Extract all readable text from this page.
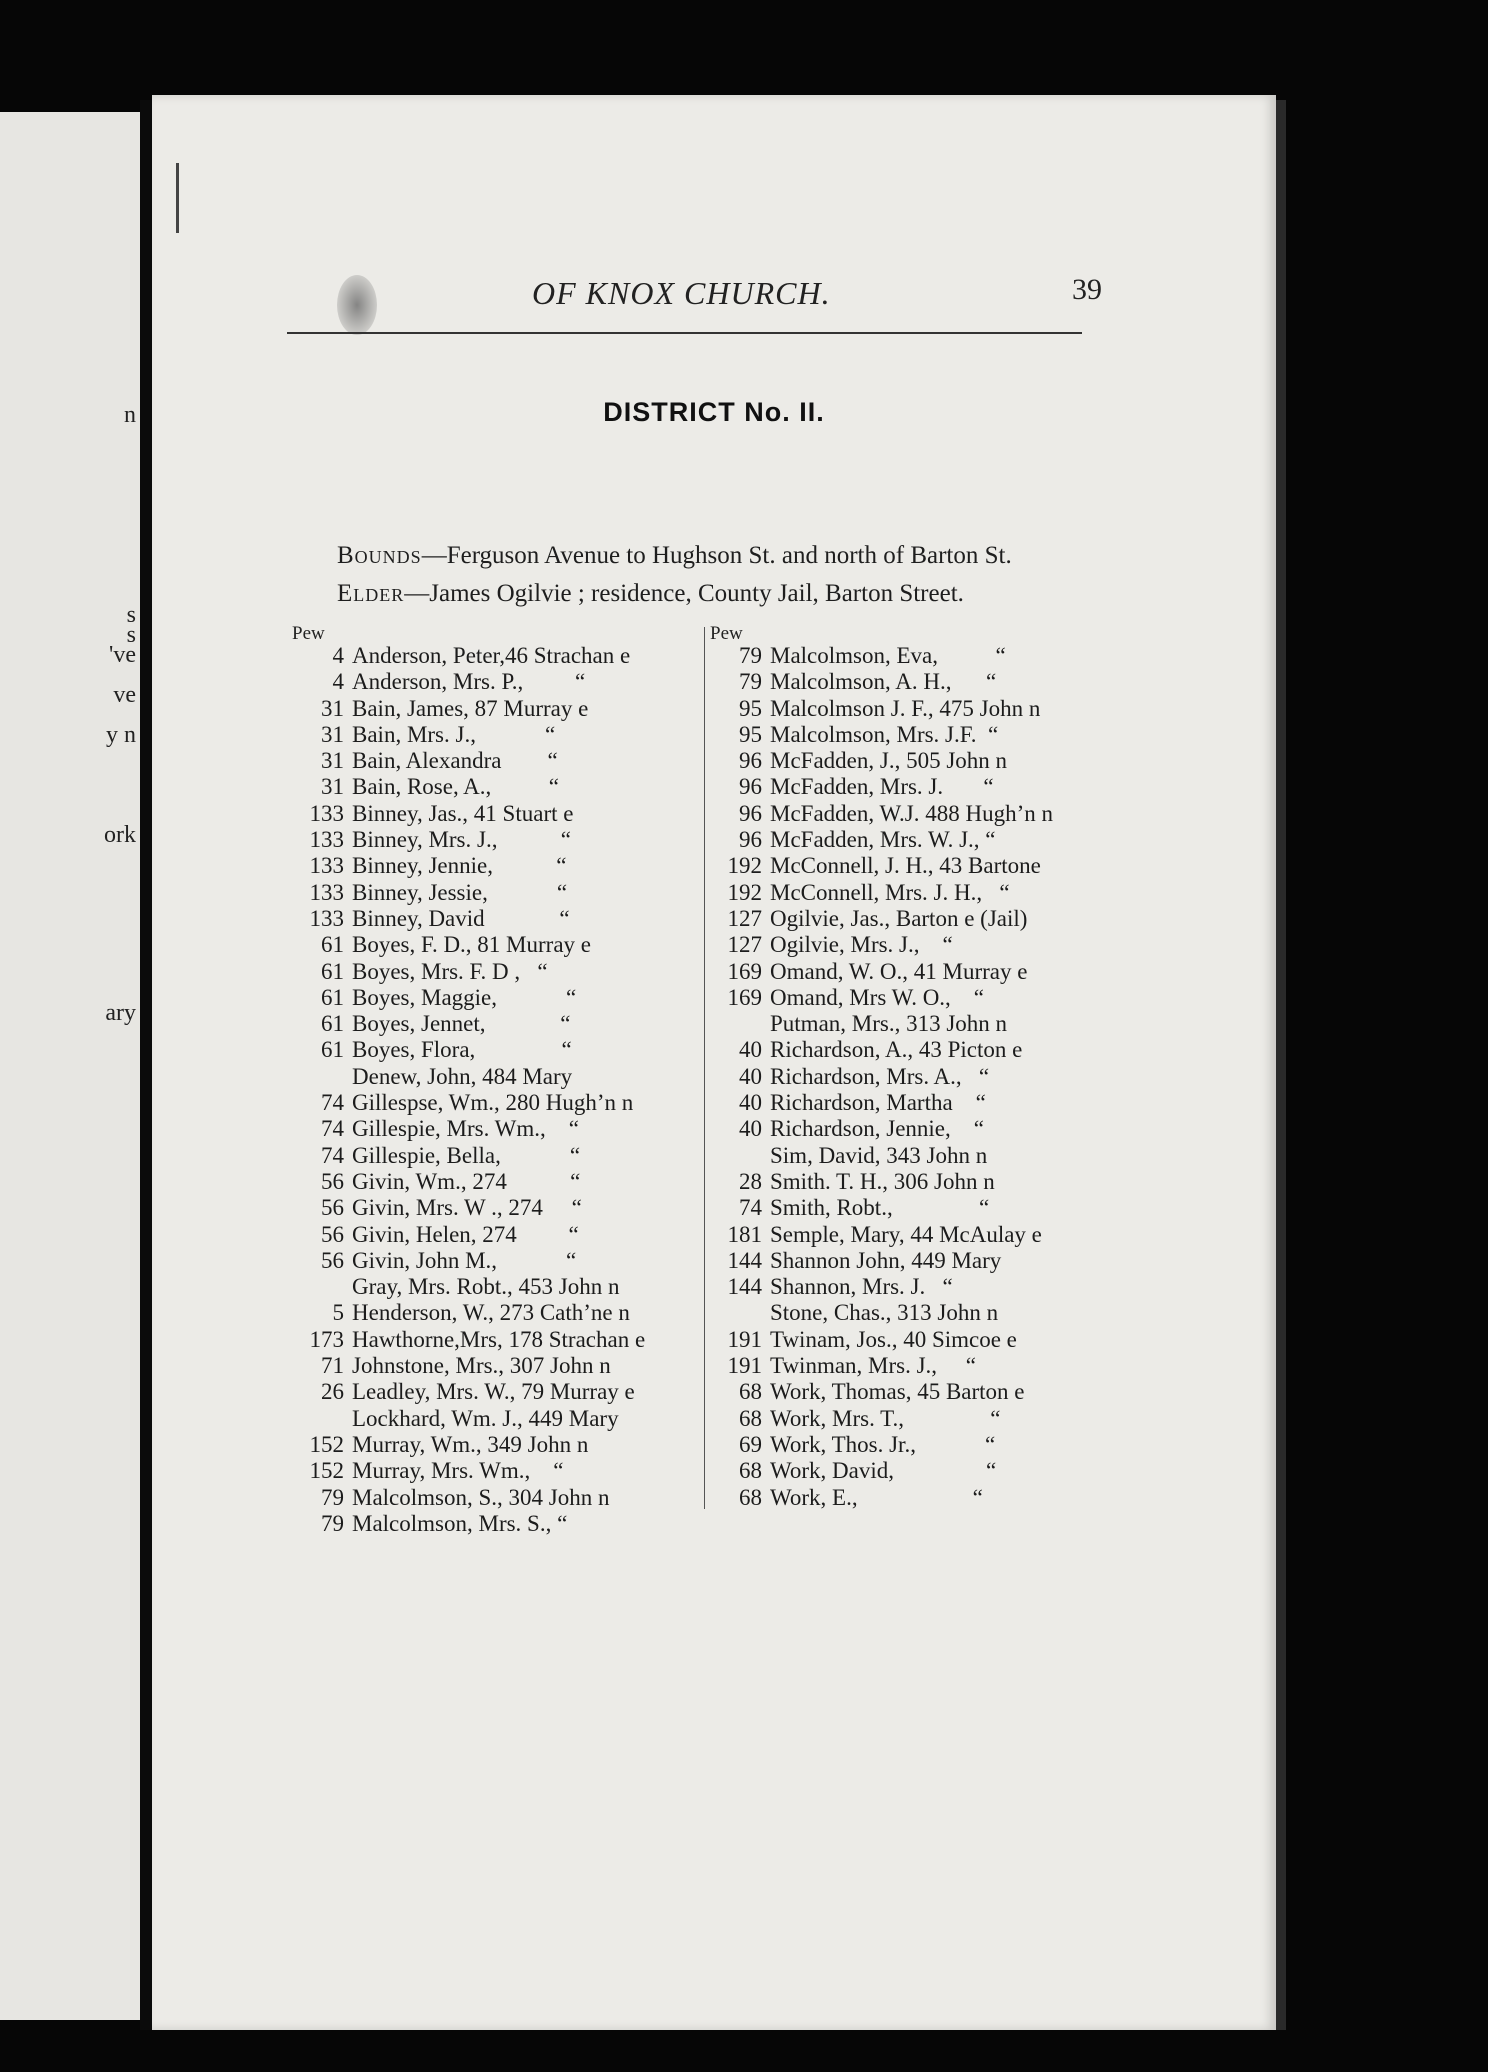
n
s
s
've
ve
y n
ork
ary
OF KNOX CHURCH.	39
DISTRICT No. II.
Bounds—Ferguson Avenue to Hughson St. and north of Barton St.
Elder—James Ogilvie ; residence, County Jail, Barton Street.
Pew	Pew
4 Anderson, Peter,46 Strachan e
4 Anderson, Mrs. P.,         “
31 Bain, James, 87 Murray e
31 Bain, Mrs. J.,            “
31 Bain, Alexandra        “
31 Bain, Rose, A.,          “
133 Binney, Jas., 41 Stuart e
133 Binney, Mrs. J.,           “
133 Binney, Jennie,           “
133 Binney, Jessie,            “
133 Binney, David             “
61 Boyes, F. D., 81 Murray e
61 Boyes, Mrs. F. D ,   “
61 Boyes, Maggie,            “
61 Boyes, Jennet,             “
61 Boyes, Flora,               “
Denew, John, 484 Mary
74 Gillespse, Wm., 280 Hugh’n n
74 Gillespie, Mrs. Wm.,    “
74 Gillespie, Bella,            “
56 Givin, Wm., 274           “
56 Givin, Mrs. W ., 274     “
56 Givin, Helen, 274         “
56 Givin, John M.,            “
Gray, Mrs. Robt., 453 John n
5 Henderson, W., 273 Cath’ne n
173 Hawthorne,Mrs, 178 Strachan e
71 Johnstone, Mrs., 307 John n
26 Leadley, Mrs. W., 79 Murray e
Lockhard, Wm. J., 449 Mary
152 Murray, Wm., 349 John n
152 Murray, Mrs. Wm.,    “
79 Malcolmson, S., 304 John n
79 Malcolmson, Mrs. S., “
79 Malcolmson, Eva,          “
79 Malcolmson, A. H.,      “
95 Malcolmson J. F., 475 John n
95 Malcolmson, Mrs. J.F.  “
96 McFadden, J., 505 John n
96 McFadden, Mrs. J.       “
96 McFadden, W.J. 488 Hugh’n n
96 McFadden, Mrs. W. J., “
192 McConnell, J. H., 43 Bartone
192 McConnell, Mrs. J. H.,   “
127 Ogilvie, Jas., Barton e (Jail)
127 Ogilvie, Mrs. J.,    “
169 Omand, W. O., 41 Murray e
169 Omand, Mrs W. O.,    “
Putman, Mrs., 313 John n
40 Richardson, A., 43 Picton e
40 Richardson, Mrs. A.,   “
40 Richardson, Martha    “
40 Richardson, Jennie,    “
Sim, David, 343 John n
28 Smith. T. H., 306 John n
74 Smith, Robt.,               “
181 Semple, Mary, 44 McAulay e
144 Shannon John, 449 Mary
144 Shannon, Mrs. J.   “
Stone, Chas., 313 John n
191 Twinam, Jos., 40 Simcoe e
191 Twinman, Mrs. J.,     “
68 Work, Thomas, 45 Barton e
68 Work, Mrs. T.,               “
69 Work, Thos. Jr.,            “
68 Work, David,                “
68 Work, E.,                    “
